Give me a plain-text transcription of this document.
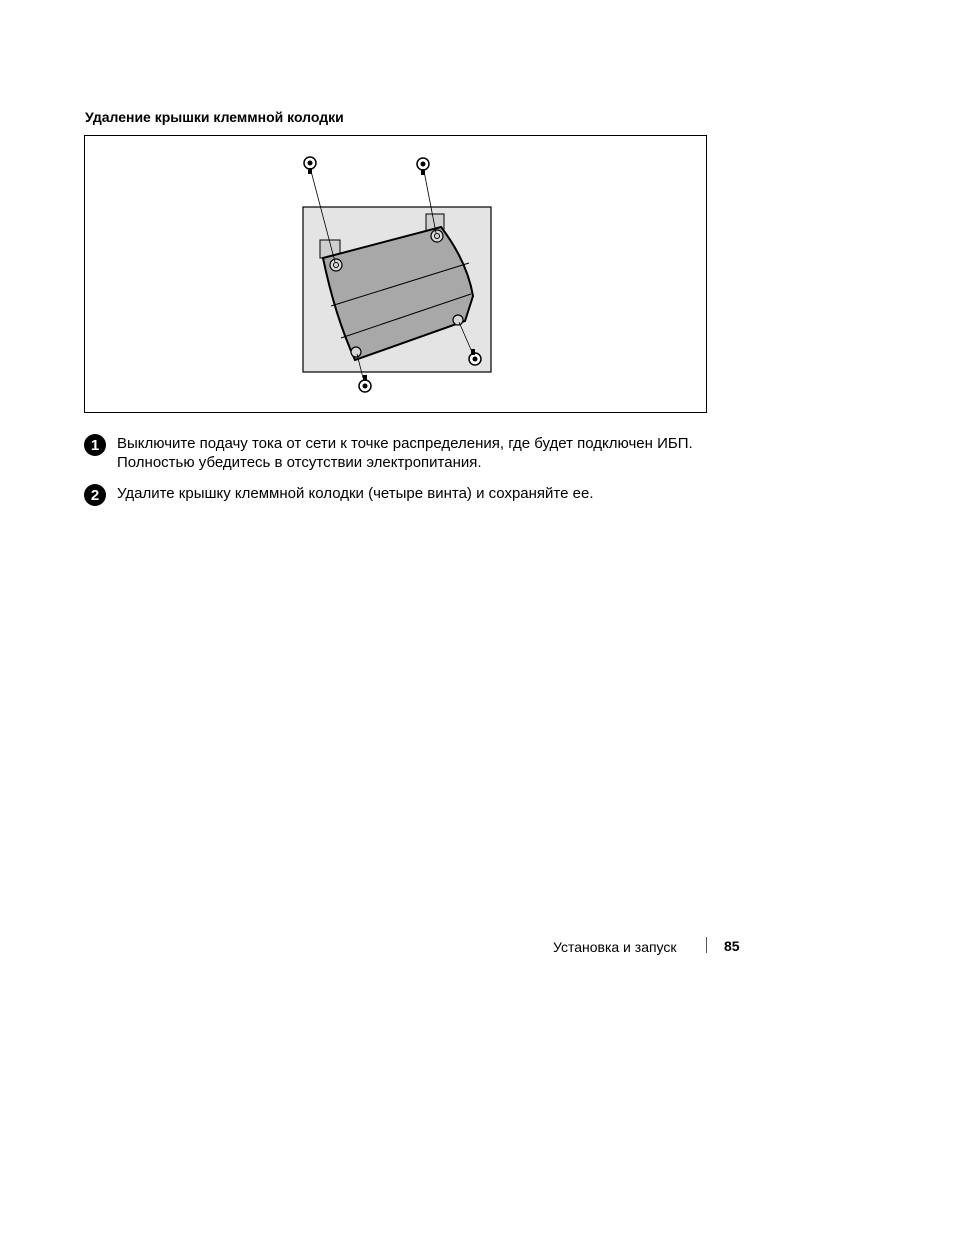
Удаление крышки клеммной колодки
1	Выключите подачу тока от сети к точке распределения, где будет подключен ИБП. Полностью убедитесь в отсутствии электропитания.
2	Удалите крышку клеммной колодки (четыре винта) и сохраняйте ее.
Установка и запуск	85
